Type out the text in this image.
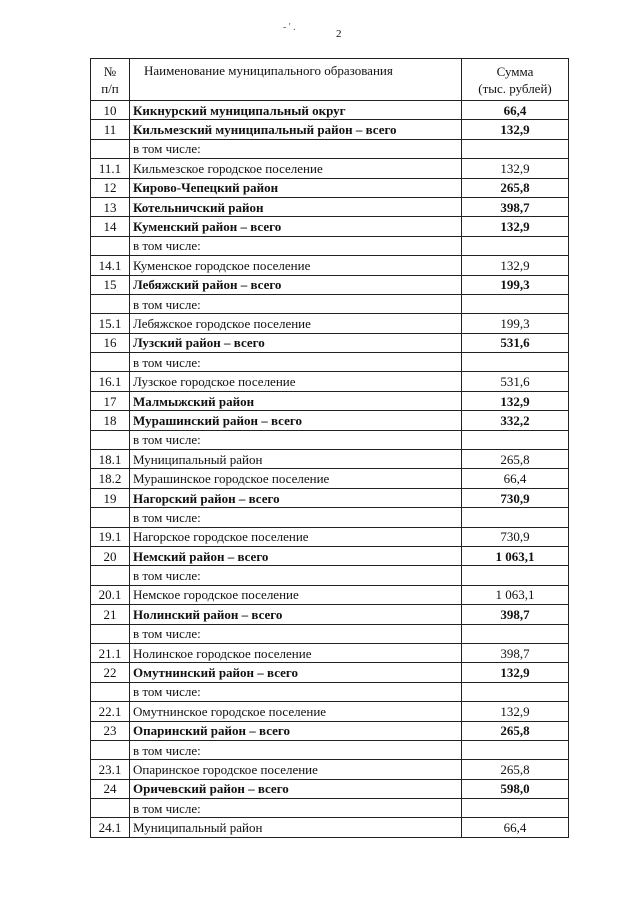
- ' .
2
№
п/п	Наименование муниципального образования	Сумма
(тыс. рублей)
10	Кикнурский муниципальный округ	66,4
11	Кильмезский муниципальный район – всего	132,9
	в том числе:	
11.1	Кильмезское городское поселение	132,9
12	Кирово-Чепецкий район	265,8
13	Котельничский район	398,7
14	Куменский район – всего	132,9
	в том числе:	
14.1	Куменское городское поселение	132,9
15	Лебяжский район – всего	199,3
	в том числе:	
15.1	Лебяжское городское поселение	199,3
16	Лузский район – всего	531,6
	в том числе:	
16.1	Лузское городское поселение	531,6
17	Малмыжский район	132,9
18	Мурашинский район – всего	332,2
	в том числе:	
18.1	Муниципальный район	265,8
18.2	Мурашинское городское поселение	66,4
19	Нагорский район – всего	730,9
	в том числе:	
19.1	Нагорское городское поселение	730,9
20	Немский район – всего	1 063,1
	в том числе:	
20.1	Немское городское поселение	1 063,1
21	Нолинский район – всего	398,7
	в том числе:	
21.1	Нолинское городское поселение	398,7
22	Омутнинский район – всего	132,9
	в том числе:	
22.1	Омутнинское городское поселение	132,9
23	Опаринский район – всего	265,8
	в том числе:	
23.1	Опаринское городское поселение	265,8
24	Оричевский район – всего	598,0
	в том числе:	
24.1	Муниципальный район	66,4
